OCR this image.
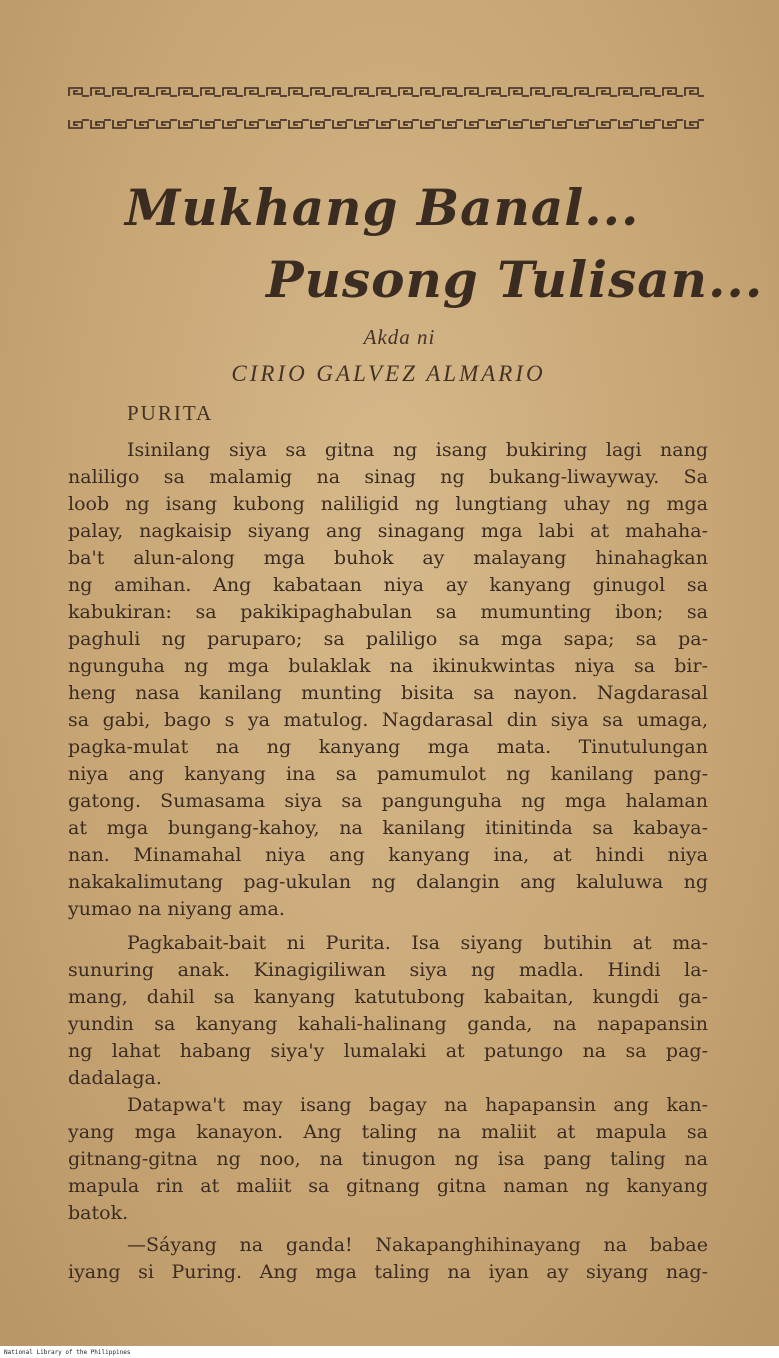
Mukhang Banal...
Pusong Tulisan...

Akda ni

CIRIO GALVEZ ALMARIO

PURITA

Isinilang siya sa gitna ng isang bukiring lagi nang

naliligo sa malamig na sinag ng bukang-liwayway. Sa

loob ng isang kubong naliligid ng lungtiang uhay ng mga

palay, nagkaisip siyang ang sinagang mga labi at mahaha-

ba't alun-along mga buhok ay malayang hinahagkan

ng amihan. Ang kabataan niya ay kanyang ginugol sa

kabukiran: sa pakikipaghabulan sa mumunting ibon; sa

paghuli ng paruparo; sa paliligo sa mga sapa; sa pa-

ngunguha ng mga bulaklak na ikinukwintas niya sa bir-

heng nasa kanilang munting bisita sa nayon. Nagdarasal

sa gabi, bago s ya matulog. Nagdarasal din siya sa umaga,

pagka-mulat na ng kanyang mga mata. Tinutulungan

niya ang kanyang ina sa pamumulot ng kanilang pang-

gatong. Sumasama siya sa pangunguha ng mga halaman

at mga bungang-kahoy, na kanilang itinitinda sa kabaya-

nan. Minamahal niya ang kanyang ina, at hindi niya

nakakalimutang pag-ukulan ng dalangin ang kaluluwa ng

yumao na niyang ama.

Pagkabait-bait ni Purita. Isa siyang butihin at ma-

sunuring anak. Kinagigiliwan siya ng madla. Hindi la-

mang, dahil sa kanyang katutubong kabaitan, kungdi ga-

yundin sa kanyang kahali-halinang ganda, na napapansin

ng lahat habang siya'y lumalaki at patungo na sa pag-

dadalaga.

Datapwa't may isang bagay na hapapansin ang kan-

yang mga kanayon. Ang taling na maliit at mapula sa

gitnang-gitna ng noo, na tinugon ng isa pang taling na

mapula rin at maliit sa gitnang gitna naman ng kanyang

batok.

—Sáyang na ganda! Nakapanghihinayang na babae

iyang si Puring. Ang mga taling na iyan ay siyang nag-

National Library of the Philippines
